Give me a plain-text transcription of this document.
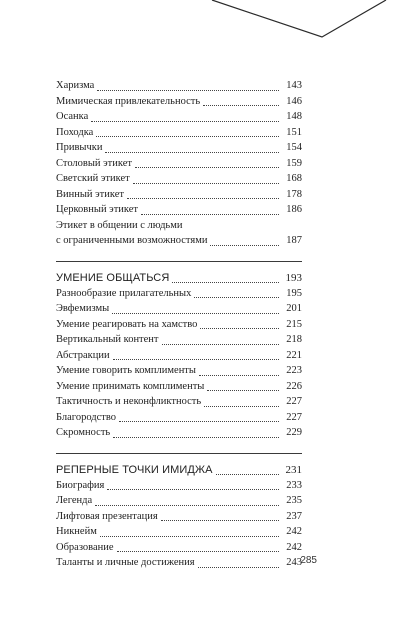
Харизма	143
Мимическая привлекательность	146
Осанка	148
Походка	151
Привычки	154
Столовый этикет	159
Светский этикет	168
Винный этикет	178
Церковный этикет	186
Этикет в общении с людьми
с ограниченными возможностями	187
УМЕНИЕ ОБЩАТЬСЯ	193
Разнообразие прилагательных	195
Эвфемизмы	201
Умение реагировать на хамство	215
Вертикальный контент	218
Абстракции	221
Умение говорить комплименты	223
Умение принимать комплименты	226
Тактичность и неконфликтность	227
Благородство	227
Скромность	229
РЕПЕРНЫЕ ТОЧКИ ИМИДЖА	231
Биография	233
Легенда	235
Лифтовая презентация	237
Никнейм	242
Образование	242
Таланты и личные достижения	243
285
